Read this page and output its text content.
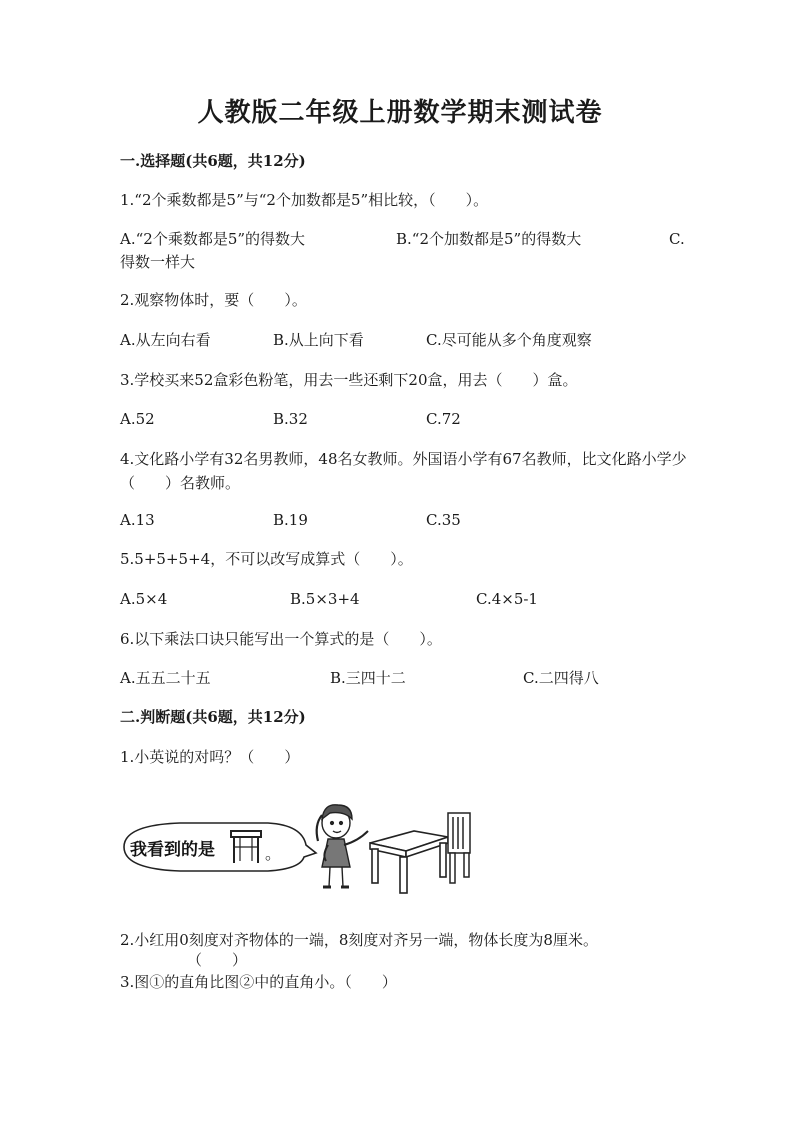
人教版二年级上册数学期末测试卷
一.选择题(共6题，共12分)
1.“2个乘数都是5”与“2个加数都是5”相比较，（　　）。
A.“2个乘数都是5”的得数大	B.“2个加数都是5”的得数大	C.
得数一样大
2.观察物体时，要（　　）。
A.从左向右看	B.从上向下看	C.尽可能从多个角度观察
3.学校买来52盒彩色粉笔，用去一些还剩下20盒，用去（　　）盒。
A.52	B.32	C.72
4.文化路小学有32名男教师，48名女教师。外国语小学有67名教师，比文化路小学少（　　）名教师。
A.13	B.19	C.35
5.5+5+5+4，不可以改写成算式（　　）。
A.5×4	B.5×3+4	C.4×5-1
6.以下乘法口诀只能写出一个算式的是（　　）。
A.五五二十五	B.三四十二	C.二四得八
二.判断题(共6题，共12分)
1.小英说的对吗？（　　）
我看到的是	。
2.小红用0刻度对齐物体的一端，8刻度对齐另一端，物体长度为8厘米。
（　　）
3.图①的直角比图②中的直角小。（　　）
